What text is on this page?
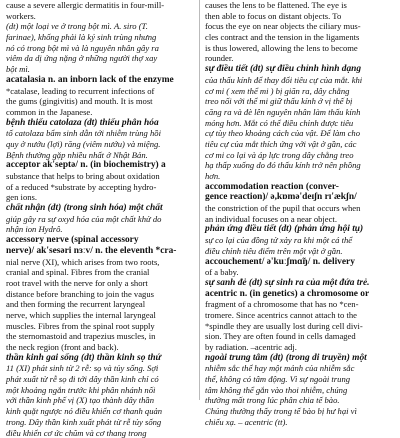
cause a severe allergic dermatitis in four-mill-
workers.
(dt) một loại ve ở trong bột mì. A. siro (T.
farinae), khống phải là ký sinh trùng nhưng
nó có trong bột mì và là nguyên nhân gây ra
viêm da dị ứng nặng ở những người thợ xay
bột mì.
acatalasia n. an inborn lack of the enzyme
*catalase, leading to recurrent infections of
the gums (gingivitis) and mouth. It is most
common in the Japanese.
bệnh thiếu catolaza (dt) thiếu phân hóa
tố catolaza bẩm sinh dẫn tới nhiễm trùng hồi
quy ở nướu (lợi) răng (viêm nướu) và miệng.
Bệnh thường gặp nhiều nhất ở Nhật Bản.
acceptor ak'septə/ n. (in biochemistry) a
substance that helps to bring about oxidation
of a reduced *substrate by accepting hydro-
gen ions.
chất nhận (dt) (trong sinh hóa) một chất
giúp gây ra sự oxyd hóa của một chất khử do
nhận ion Hydrô.
accessory nerve (spinal accessory
nerve)/ ak'sesəri nɜːv/ n. the eleventh *cra-
nial nerve (XI), which arises from two roots,
cranial and spinal. Fibres from the cranial
root travel with the nerve for only a short
distance before branching to join the vagus
and then forming the recurrent laryngeal
nerve, which supplies the internal laryngeal
muscles. Fibres from the spinal root supply
the sternomastoid and trapezius muscles, in
the neck region (front and back).
thần kinh gai sống (dt) thần kinh sọ thứ
11 (XI) phát sinh từ 2 rễ: sọ và tủy sống. Sợi
phát xuất từ rễ sọ đi tới dây thần kinh chỉ có
một khoảng ngắn trước khi phân nhánh nối
với thần kinh phế vị (X) tạo thành dây thần
kinh quặt ngược nó điều khiển cơ thanh quản
trong. Dây thần kinh xuất phát từ rễ tủy sống
điều khiển cơ ức chũm và cơ thang trong
causes the lens to be flattened. The eye is
then able to focus on distant objects. To
focus the eye on near objects the ciliary mus-
cles contract and the tension in the ligaments
is thus lowered, allowing the lens to become
rounder.
sự điều tiết (dt) sự điều chỉnh hình dạng
của thấu kính để thay đổi tiêu cự của mắt. khi
cơ mi ( xem thể mi ) bị giãn ra, dây chằng
treo nối với thể mi giữ thấu kính ở vị thế bị
căng ra và đè lên nguyên nhân làm thấu kính
mỏng hơn. Mắt có thể điều chỉnh được tiêu
cự tùy theo khoảng cách của vật. Để làm cho
tiêu cự của mắt thích ứng với vật ở gần, các
cơ mi co lại và áp lực trong dây chằng treo
hạ thấp xuống do đó thấu kính trở nên phồng
hơn.
accommodation reaction (conver-
gence reaction)/ ə,kɒmə'deɪʃn rɪ'ækʃn/
the constriction of the pupil that occurs when
an individual focuses on a near object.
phản ứng điều tiết (dt) (phản ứng hội tụ)
sự co lại của đồng tử xảy ra khi một cá thể
điều chỉnh tiêu điểm trên một vật ở gần.
accouchement/ ə'kuːʃmɑ̃ŋ/ n. delivery
of a baby.
sự sanh đẻ (dt) sự sinh ra của một đứa trẻ.
acentric n. (in genetics) a chromosome or
fragment of a chromosome that has no *cen-
tromere. Since acentrics cannot attach to the
*spindle they are usually lost during cell divi-
sion. They are often found in cells damaged
by radiation. –acentric adj.
ngoài trung tâm (dt) (trong di truyền) một
nhiễm sắc thể hay một mảnh của nhiễm sắc
thể, không có tâm động. Vì sự ngoài trung
tâm không thể gắn vào thoi nhiễm, chúng
thường mất trong lúc phân chia tế bào.
Chúng thường thấy trong tế bào bị hư hại vì
chiếu xạ. – acentric (tt).
